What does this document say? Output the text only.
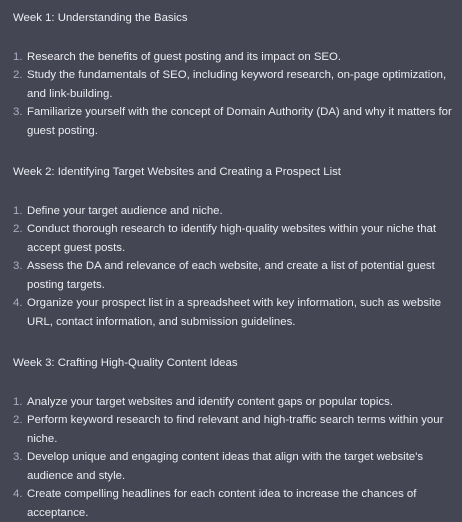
Week 1: Understanding the Basics

1. Research the benefits of guest posting and its impact on SEO.
2. Study the fundamentals of SEO, including keyword research, on-page optimization, and link-building.
3. Familiarize yourself with the concept of Domain Authority (DA) and why it matters for guest posting.

Week 2: Identifying Target Websites and Creating a Prospect List

1. Define your target audience and niche.
2. Conduct thorough research to identify high-quality websites within your niche that accept guest posts.
3. Assess the DA and relevance of each website, and create a list of potential guest posting targets.
4. Organize your prospect list in a spreadsheet with key information, such as website URL, contact information, and submission guidelines.

Week 3: Crafting High-Quality Content Ideas

1. Analyze your target websites and identify content gaps or popular topics.
2. Perform keyword research to find relevant and high-traffic search terms within your niche.
3. Develop unique and engaging content ideas that align with the target website's audience and style.
4. Create compelling headlines for each content idea to increase the chances of acceptance.
